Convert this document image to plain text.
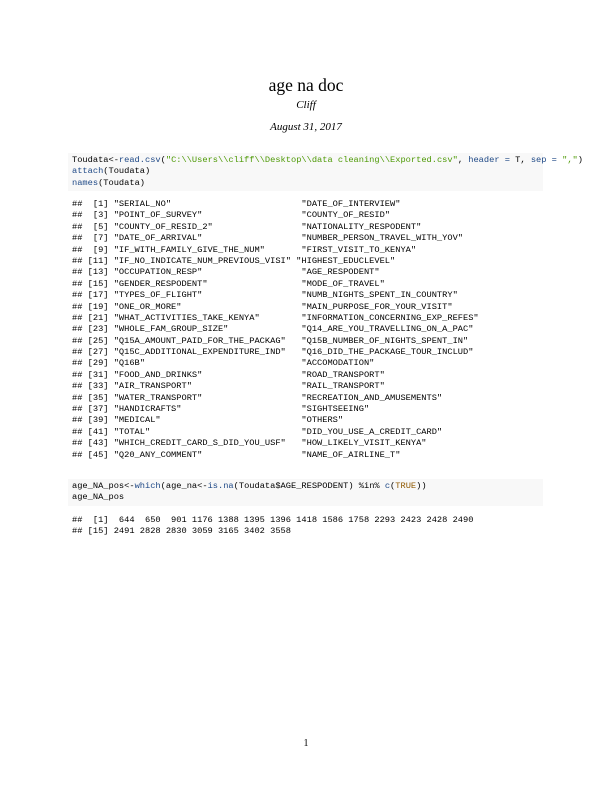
age na doc
Cliff
August 31, 2017
Toudata<-read.csv("C:\\Users\\cliff\\Desktop\\data cleaning\\Exported.csv", header = T, sep = ",")
attach(Toudata)
names(Toudata)
##  [1] "SERIAL_NO"                         "DATE_OF_INTERVIEW"
##  [3] "POINT_OF_SURVEY"                   "COUNTY_OF_RESID"
##  [5] "COUNTY_OF_RESID_2"                 "NATIONALITY_RESPODENT"
##  [7] "DATE_OF_ARRIVAL"                   "NUMBER_PERSON_TRAVEL_WITH_YOV"
##  [9] "IF_WITH_FAMILY_GIVE_THE_NUM"       "FIRST_VISIT_TO_KENYA"
## [11] "IF_NO_INDICATE_NUM_PREVIOUS_VISI" "HIGHEST_EDUCLEVEL"
## [13] "OCCUPATION_RESP"                   "AGE_RESPODENT"
## [15] "GENDER_RESPODENT"                  "MODE_OF_TRAVEL"
## [17] "TYPES_OF_FLIGHT"                   "NUMB_NIGHTS_SPENT_IN_COUNTRY"
## [19] "ONE_OR_MORE"                       "MAIN_PURPOSE_FOR_YOUR_VISIT"
## [21] "WHAT_ACTIVITIES_TAKE_KENYA"        "INFORMATION_CONCERNING_EXP_REFES"
## [23] "WHOLE_FAM_GROUP_SIZE"              "Q14_ARE_YOU_TRAVELLING_ON_A_PAC"
## [25] "Q15A_AMOUNT_PAID_FOR_THE_PACKAG"   "Q15B_NUMBER_OF_NIGHTS_SPENT_IN"
## [27] "Q15C_ADDITIONAL_EXPENDITURE_IND"   "Q16_DID_THE_PACKAGE_TOUR_INCLUD"
## [29] "Q16B"                              "ACCOMODATION"
## [31] "FOOD_AND_DRINKS"                   "ROAD_TRANSPORT"
## [33] "AIR_TRANSPORT"                     "RAIL_TRANSPORT"
## [35] "WATER_TRANSPORT"                   "RECREATION_AND_AMUSEMENTS"
## [37] "HANDICRAFTS"                       "SIGHTSEEING"
## [39] "MEDICAL"                           "OTHERS"
## [41] "TOTAL"                             "DID_YOU_USE_A_CREDIT_CARD"
## [43] "WHICH_CREDIT_CARD_S_DID_YOU_USF"   "HOW_LIKELY_VISIT_KENYA"
## [45] "Q20_ANY_COMMENT"                   "NAME_OF_AIRLINE_T"
age_NA_pos<-which(age_na<-is.na(Toudata$AGE_RESPODENT) %in% c(TRUE))
age_NA_pos
##  [1]  644  650  901 1176 1388 1395 1396 1418 1586 1758 2293 2423 2428 2490
## [15] 2491 2828 2830 3059 3165 3402 3558
1
